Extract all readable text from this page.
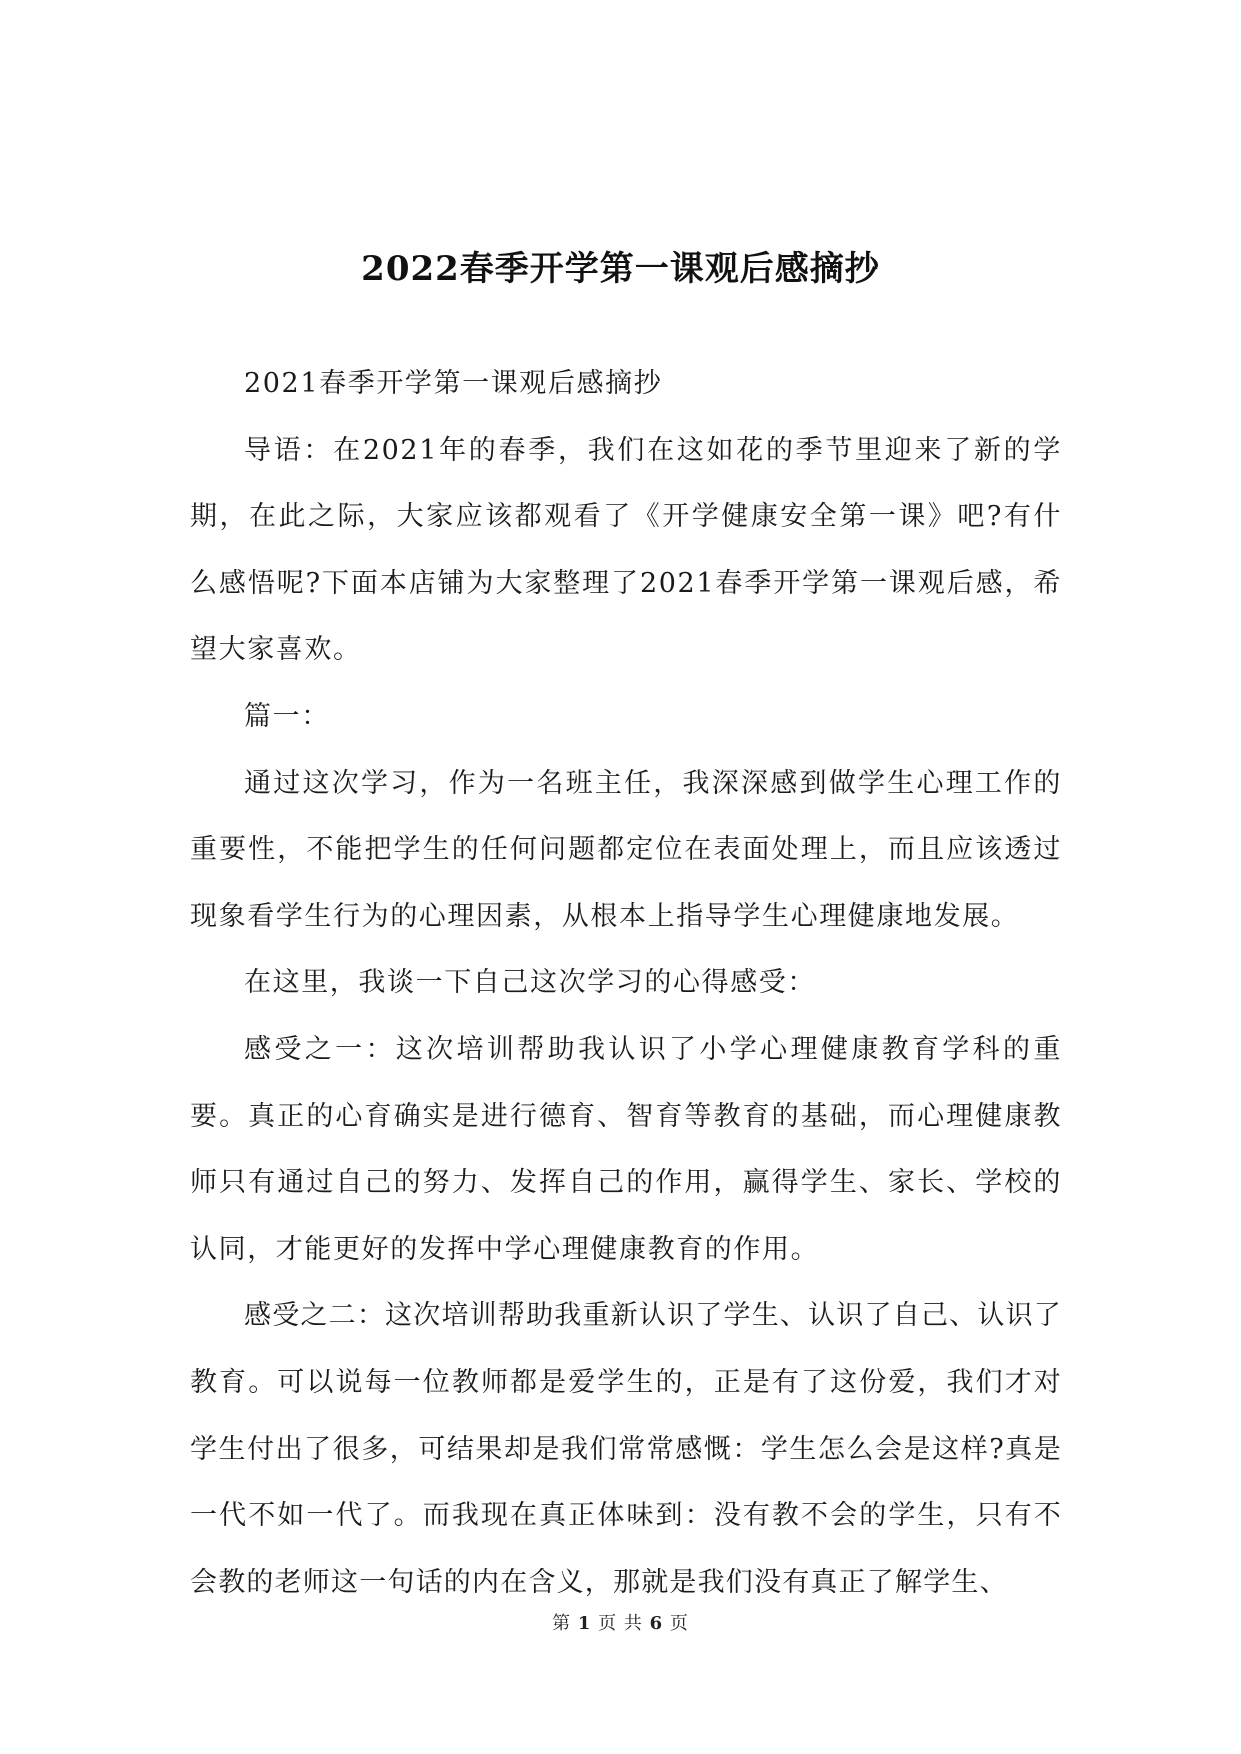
2022春季开学第一课观后感摘抄

2021春季开学第一课观后感摘抄

导语：在2021年的春季，我们在这如花的季节里迎来了新的学期，在此之际，大家应该都观看了《开学健康安全第一课》吧?有什么感悟呢?下面本店铺为大家整理了2021春季开学第一课观后感，希望大家喜欢。

篇一：

通过这次学习，作为一名班主任，我深深感到做学生心理工作的重要性，不能把学生的任何问题都定位在表面处理上，而且应该透过现象看学生行为的心理因素，从根本上指导学生心理健康地发展。

在这里，我谈一下自己这次学习的心得感受：

感受之一：这次培训帮助我认识了小学心理健康教育学科的重要。真正的心育确实是进行德育、智育等教育的基础，而心理健康教师只有通过自己的努力、发挥自己的作用，赢得学生、家长、学校的认同，才能更好的发挥中学心理健康教育的作用。

感受之二：这次培训帮助我重新认识了学生、认识了自己、认识了教育。可以说每一位教师都是爱学生的，正是有了这份爱，我们才对学生付出了很多，可结果却是我们常常感慨：学生怎么会是这样?真是一代不如一代了。而我现在真正体味到：没有教不会的学生，只有不会教的老师这一句话的内在含义，那就是我们没有真正了解学生、

第 1 页 共 6 页
